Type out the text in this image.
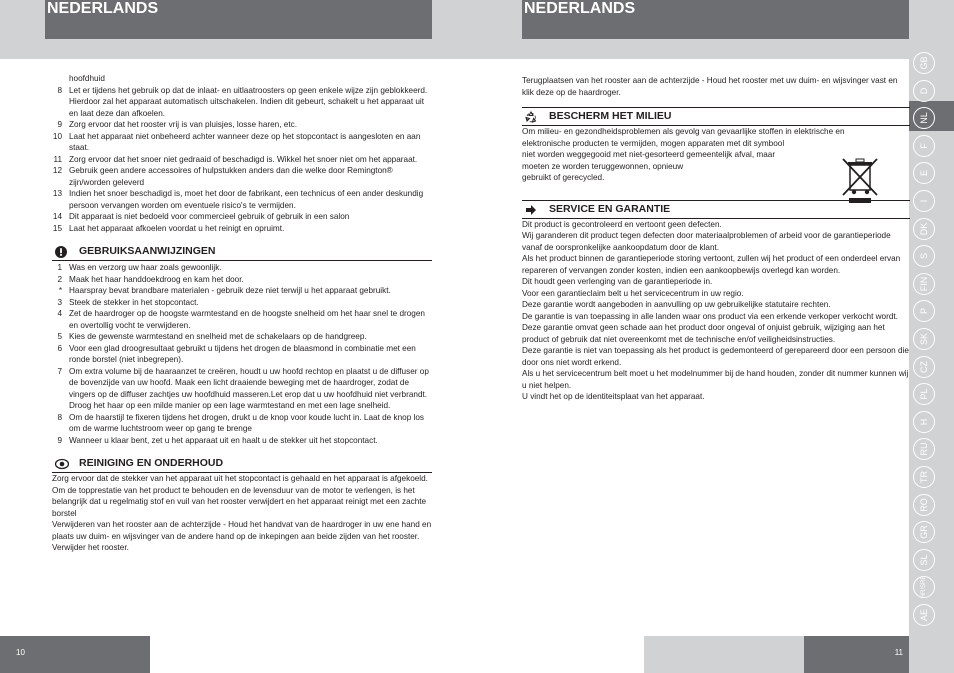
NEDERLANDS	NEDERLANDS
GB
D
NL
F
E
I
DK
S
FIN
P
SK
CZ
PL
H
RU
TR
RO
GR
SL
HR/SRB
AE
10	11
hoofdhuid
8 Let er tijdens het gebruik op dat de inlaat- en uitlaatroosters op geen enkele wijze zijn geblokkeerd. Hierdoor zal het apparaat automatisch uitschakelen. Indien dit gebeurt, schakelt u het apparaat uit en laat deze dan afkoelen.
9 Zorg ervoor dat het rooster vrij is van pluisjes, losse haren, etc.
10 Laat het apparaat niet onbeheerd achter wanneer deze op het stopcontact is aangesloten en aan staat.
11 Zorg ervoor dat het snoer niet gedraaid of beschadigd is. Wikkel het snoer niet om het apparaat.
12 Gebruik geen andere accessoires of hulpstukken anders dan die welke door Remington® zijn/worden geleverd
13 Indien het snoer beschadigd is, moet het door de fabrikant, een technicus of een ander deskundig persoon vervangen worden om eventuele risico's te vermijden.
14 Dit apparaat is niet bedoeld voor commercieel gebruik of gebruik in een salon
15 Laat het apparaat afkoelen voordat u het reinigt en opruimt.
GEBRUIKSAANWIJZINGEN
1 Was en verzorg uw haar zoals gewoonlijk.
2 Maak het haar handdoekdroog en kam het door.
* Haarspray bevat brandbare materialen - gebruik deze niet terwijl u het apparaat gebruikt.
3 Steek de stekker in het stopcontact.
4 Zet de haardroger op de hoogste warmtestand en de hoogste snelheid om het haar snel te drogen en overtollig vocht te verwijderen.
5 Kies de gewenste warmtestand en snelheid met de schakelaars op de handgreep.
6 Voor een glad droogresultaat gebruikt u tijdens het drogen de blaasmond in combinatie met een ronde borstel (niet inbegrepen).
7 Om extra volume bij de haaraanzet te creëren, houdt u uw hoofd rechtop en plaatst u de diffuser op de bovenzijde van uw hoofd. Maak een licht draaiende beweging met de haardroger, zodat de vingers op de diffuser zachtjes uw hoofdhuid masseren.Let erop dat u uw hoofdhuid niet verbrandt. Droog het haar op een milde manier op een lage warmtestand en met een lage snelheid.
8 Om de haarstijl te fixeren tijdens het drogen, drukt u de knop voor koude lucht in. Laat de knop los om de warme luchtstroom weer op gang te brenge
9 Wanneer u klaar bent, zet u het apparaat uit en haalt u de stekker uit het stopcontact.
REINIGING EN ONDERHOUD
Zorg ervoor dat de stekker van het apparaat uit het stopcontact is gehaald en het apparaat is afgekoeld.
Om de topprestatie van het product te behouden en de levensduur van de motor te verlengen, is het belangrijk dat u regelmatig stof en vuil van het rooster verwijdert en het apparaat reinigt met een zachte borstel
Verwijderen van het rooster aan de achterzijde - Houd het handvat van de haardroger in uw ene hand en plaats uw duim- en wijsvinger van de andere hand op de inkepingen aan beide zijden van het rooster. Verwijder het rooster.

Terugplaatsen van het rooster aan de achterzijde - Houd het rooster met uw duim- en wijsvinger vast en klik deze op de haardroger.

BESCHERM HET MILIEU
Om milieu- en gezondheidsproblemen als gevolg van gevaarlijke stoffen in elektrische en
elektronische producten te vermijden, mogen apparaten met dit symbool
niet worden weggegooid met niet-gesorteerd gemeentelijk afval, maar
moeten ze worden teruggewonnen, opnieuw
gebruikt of gerecycled.
SERVICE EN GARANTIE
Dit product is gecontroleerd en vertoont geen defecten.
Wij garanderen dit product tegen defecten door materiaalproblemen of arbeid voor de garantieperiode vanaf de oorspronkelijke aankoopdatum door de klant.
Als het product binnen de garantieperiode storing vertoont, zullen wij het product of een onderdeel ervan repareren of vervangen zonder kosten, indien een aankoopbewijs overlegd kan worden.
Dit houdt geen verlenging van de garantieperiode in.
Voor een garantieclaim belt u het servicecentrum in uw regio.
Deze garantie wordt aangeboden in aanvulling op uw gebruikelijke statutaire rechten.
De garantie is van toepassing in alle landen waar ons product via een erkende verkoper verkocht wordt.
Deze garantie omvat geen schade aan het product door ongeval of onjuist gebruik, wijziging aan het product of gebruik dat niet overeenkomt met de technische en/of veiligheidsinstructies.
Deze garantie is niet van toepassing als het product is gedemonteerd of gerepareerd door een persoon die door ons niet wordt erkend.
Als u het servicecentrum belt moet u het modelnummer bij de hand houden, zonder dit nummer kunnen wij u niet helpen.
U vindt het op de identiteitsplaat van het apparaat.
